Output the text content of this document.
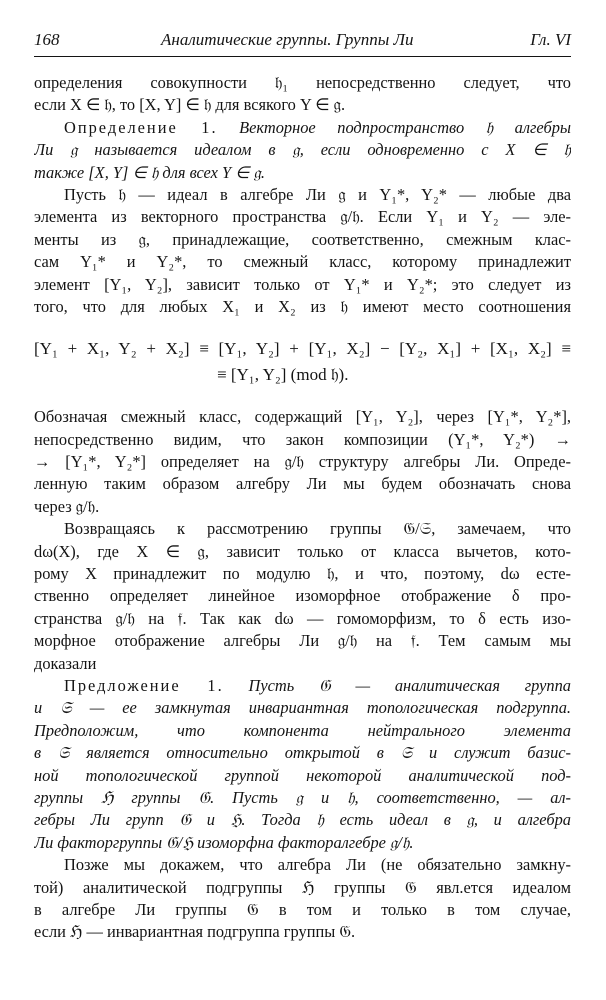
168	Аналитические группы. Группы Ли	Гл. VI
определения совокупности 𝔥₁ непосредственно следует, что
если X ∈ 𝔥, то [X, Y] ∈ 𝔥 для всякого Y ∈ 𝔤.
Определение 1. Векторное подпространство 𝔥 алгебры
Ли 𝔤 называется идеалом в 𝔤, если одновременно с X ∈ 𝔥
также [X, Y] ∈ 𝔥 для всех Y ∈ 𝔤.
Пусть 𝔥 — идеал в алгебре Ли 𝔤 и Y₁*, Y₂* — любые два
элемента из векторного пространства 𝔤/𝔥. Если Y₁ и Y₂ — эле-
менты из 𝔤, принадлежащие, соответственно, смежным клас-
сам Y₁* и Y₂*, то смежный класс, которому принадлежит
элемент [Y₁, Y₂], зависит только от Y₁* и Y₂*; это следует из
того, что для любых X₁ и X₂ из 𝔥 имеют место соотношения
[Y₁ + X₁, Y₂ + X₂] ≡ [Y₁, Y₂] + [Y₁, X₂] − [Y₂, X₁] + [X₁, X₂] ≡
≡ [Y₁, Y₂] (mod 𝔥).
Обозначая смежный класс, содержащий [Y₁, Y₂], через [Y₁*, Y₂*],
непосредственно видим, что закон композиции (Y₁*, Y₂*) →
→ [Y₁*, Y₂*] определяет на 𝔤/𝔥 структуру алгебры Ли. Опреде-
ленную таким образом алгебру Ли мы будем обозначать снова
через 𝔤/𝔥.
Возвращаясь к рассмотрению группы 𝔊/𝔖, замечаем, что
dω(X), где X ∈ 𝔤, зависит только от класса вычетов, кото-
рому X принадлежит по модулю 𝔥, и что, поэтому, dω есте-
ственно определяет линейное изоморфное отображение δ про-
странства 𝔤/𝔥 на 𝔣. Так как dω — гомоморфизм, то δ есть изо-
морфное отображение алгебры Ли 𝔤/𝔥 на 𝔣. Тем самым мы
доказали
Предложение 1. Пусть 𝔊 — аналитическая группа
и 𝔖 — ее замкнутая инвариантная топологическая подгруппа.
Предположим, что компонента нейтрального элемента
в 𝔖 является относительно открытой в 𝔖 и служит базис-
ной топологической группой некоторой аналитической под-
группы ℌ группы 𝔊. Пусть 𝔤 и 𝔥, соответственно, — ал-
гебры Ли групп 𝔊 и ℌ. Тогда 𝔥 есть идеал в 𝔤, и алгебра
Ли факторгруппы 𝔊/ℌ изоморфна факторалгебре 𝔤/𝔥.
Позже мы докажем, что алгебра Ли (не обязательно замкну-
той) аналитической подгруппы ℌ группы 𝔊 явл.ется идеалом
в алгебре Ли группы 𝔊 в том и только в том случае,
если ℌ — инвариантная подгруппа группы 𝔊.
